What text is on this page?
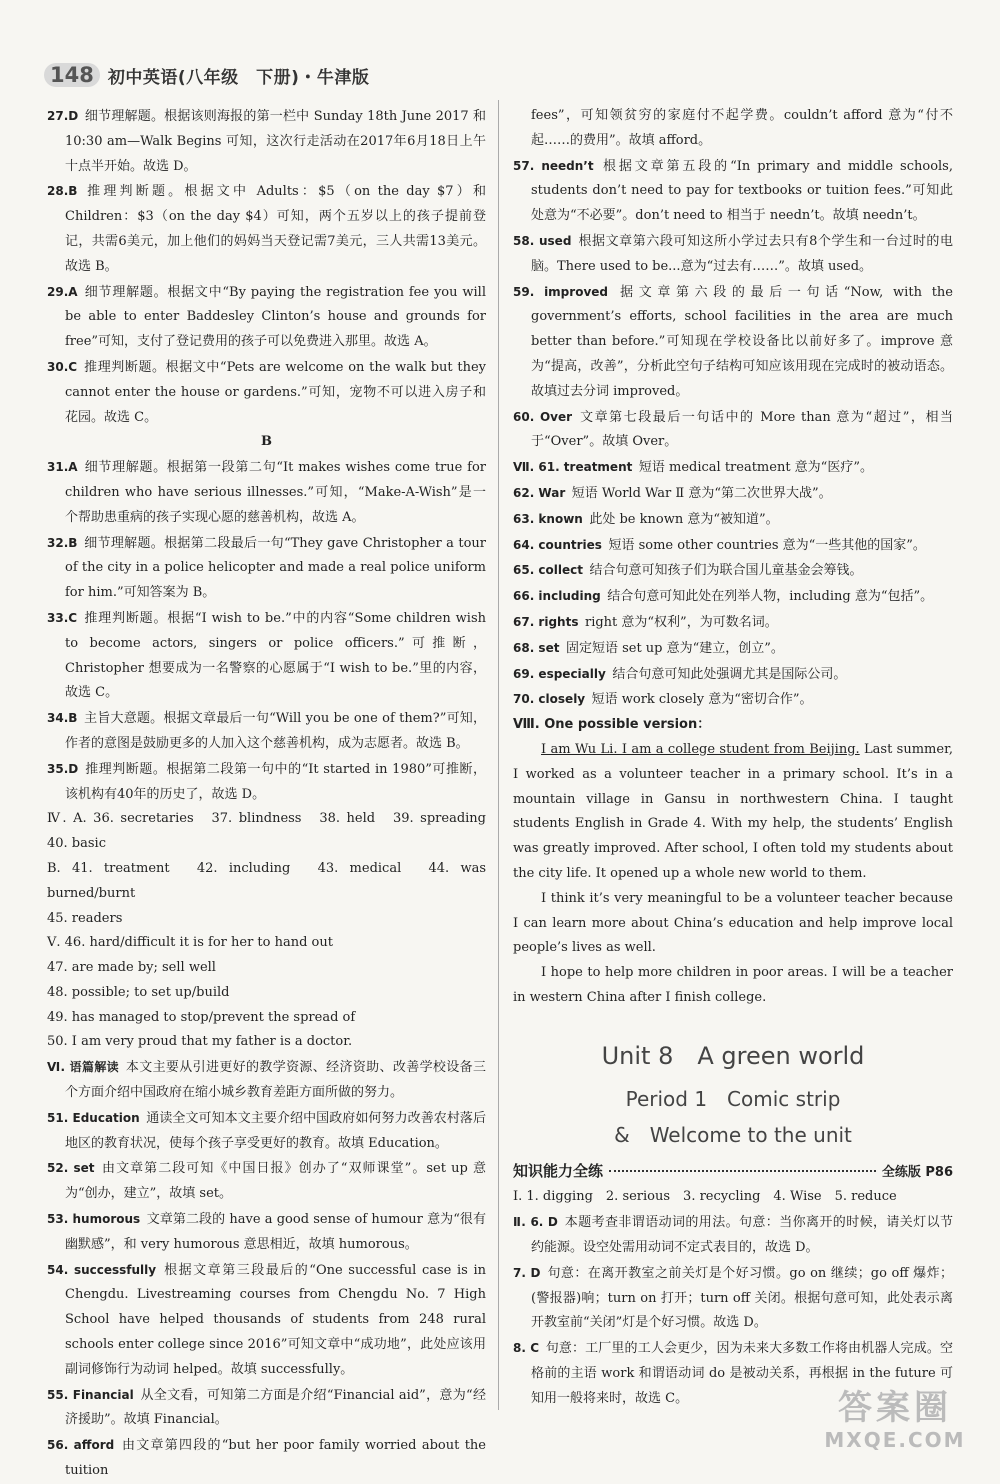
148 初中英语(八年级　下册)・牛津版

27.D  细节理解题。根据该则海报的第一栏中 Sunday 18th June 2017 和 10:30 am—Walk Begins 可知，这次行走活动在2017年6月18日上午十点半开始。故选 D。

28.B  推理判断题。根据文中 Adults：$5（on the day $7）和 Children：$3（on the day $4）可知，两个五岁以上的孩子提前登记，共需6美元，加上他们的妈妈当天登记需7美元，三人共需13美元。故选 B。

29.A  细节理解题。根据文中“By paying the registration fee you will be able to enter Baddesley Clinton’s house and grounds for free”可知，支付了登记费用的孩子可以免费进入那里。故选 A。

30.C  推理判断题。根据文中“Pets are welcome on the walk but they cannot enter the house or gardens.”可知，宠物不可以进入房子和花园。故选 C。

B

31.A  细节理解题。根据第一段第二句“It makes wishes come true for children who have serious illnesses.”可知，“Make-A-Wish”是一个帮助患重病的孩子实现心愿的慈善机构，故选 A。

32.B  细节理解题。根据第二段最后一句“They gave Christopher a tour of the city in a police helicopter and made a real police uniform for him.”可知答案为 B。

33.C  推理判断题。根据“I wish to be.”中的内容“Some children wish to become actors, singers or police officers.”可推断，Christopher 想要成为一名警察的心愿属于“I wish to be.”里的内容，故选 C。

34.B  主旨大意题。根据文章最后一句“Will you be one of them?”可知，作者的意图是鼓励更多的人加入这个慈善机构，成为志愿者。故选 B。

35.D  推理判断题。根据第二段第一句中的“It started in 1980”可推断，该机构有40年的历史了，故选 D。

Ⅳ. A. 36. secretaries　37. blindness　38. held　39. spreading　40. basic

B. 41. treatment　42. including　43. medical　44. was burned/burnt

45. readers

Ⅴ. 46. hard/difficult it is for her to hand out

47. are made by; sell well

48. possible; to set up/build

49. has managed to stop/prevent the spread of

50. I am very proud that my father is a doctor.

Ⅵ. 语篇解读  本文主要从引进更好的教学资源、经济资助、改善学校设备三个方面介绍中国政府在缩小城乡教育差距方面所做的努力。

51. Education  通读全文可知本文主要介绍中国政府如何努力改善农村落后地区的教育状况，使每个孩子享受更好的教育。故填 Education。

52. set  由文章第二段可知《中国日报》创办了“双师课堂”。set up 意为“创办，建立”，故填 set。

53. humorous  文章第二段的 have a good sense of humour 意为“很有幽默感”，和 very humorous 意思相近，故填 humorous。

54. successfully  根据文章第三段最后的“One successful case is in Chengdu. Livestreaming courses from Chengdu No. 7 High School have helped thousands of students from 248 rural schools enter college since 2016”可知文章中“成功地”，此处应该用副词修饰行为动词 helped。故填 successfully。

55. Financial  从全文看，可知第二方面是介绍“Financial aid”，意为“经济援助”。故填 Financial。

56. afford  由文章第四段的“but her poor family worried about the tuition

fees”，可知领贫穷的家庭付不起学费。couldn’t afford 意为“付不起……的费用”。故填 afford。

57. needn’t  根据文章第五段的“In primary and middle schools, students don’t need to pay for textbooks or tuition fees.”可知此处意为“不必要”。don’t need to 相当于 needn’t。故填 needn’t。

58. used  根据文章第六段可知这所小学过去只有8个学生和一台过时的电脑。There used to be...意为“过去有……”。故填 used。

59. improved  据文章第六段的最后一句话“Now, with the government’s efforts, school facilities in the area are much better than before.”可知现在学校设备比以前好多了。improve 意为“提高，改善”，分析此空句子结构可知应该用现在完成时的被动语态。故填过去分词 improved。

60. Over  文章第七段最后一句话中的 More than 意为“超过”，相当于“Over”。故填 Over。

Ⅶ. 61. treatment  短语 medical treatment 意为“医疗”。

62. War  短语 World War Ⅱ 意为“第二次世界大战”。

63. known  此处 be known 意为“被知道”。

64. countries  短语 some other countries 意为“一些其他的国家”。

65. collect  结合句意可知孩子们为联合国儿童基金会筹钱。

66. including  结合句意可知此处在列举人物，including 意为“包括”。

67. rights  right 意为“权利”，为可数名词。

68. set  固定短语 set up 意为“建立，创立”。

69. especially  结合句意可知此处强调尤其是国际公司。

70. closely  短语 work closely 意为“密切合作”。

Ⅷ. One possible version：

I am Wu Li. I am a college student from Beijing. Last summer, I worked as a volunteer teacher in a primary school. It’s in a mountain village in Gansu in northwestern China. I taught students English in Grade 4. With my help, the students’ English was greatly improved. After school, I often told my students about the city life. It opened up a whole new world to them.

I think it’s very meaningful to be a volunteer teacher because I can learn more about China’s education and help improve local people’s lives as well.

I hope to help more children in poor areas. I will be a teacher in western China after I finish college.

Unit 8　A green world
Period 1　Comic strip
&　Welcome to the unit
知识能力全练	全练版 P86

Ⅰ. 1. digging　2. serious　3. recycling　4. Wise　5. reduce

Ⅱ. 6. D  本题考查非谓语动词的用法。句意：当你离开的时候，请关灯以节约能源。设空处需用动词不定式表目的，故选 D。

7. D  句意：在离开教室之前关灯是个好习惯。go on 继续；go off 爆炸；(警报器)响；turn on 打开；turn off 关闭。根据句意可知，此处表示离开教室前“关闭”灯是个好习惯。故选 D。

8. C  句意：工厂里的工人会更少，因为未来大多数工作将由机器人完成。空格前的主语 work 和谓语动词 do 是被动关系，再根据 in the future 可知用一般将来时，故选 C。	答案圈
MXQE.COM
